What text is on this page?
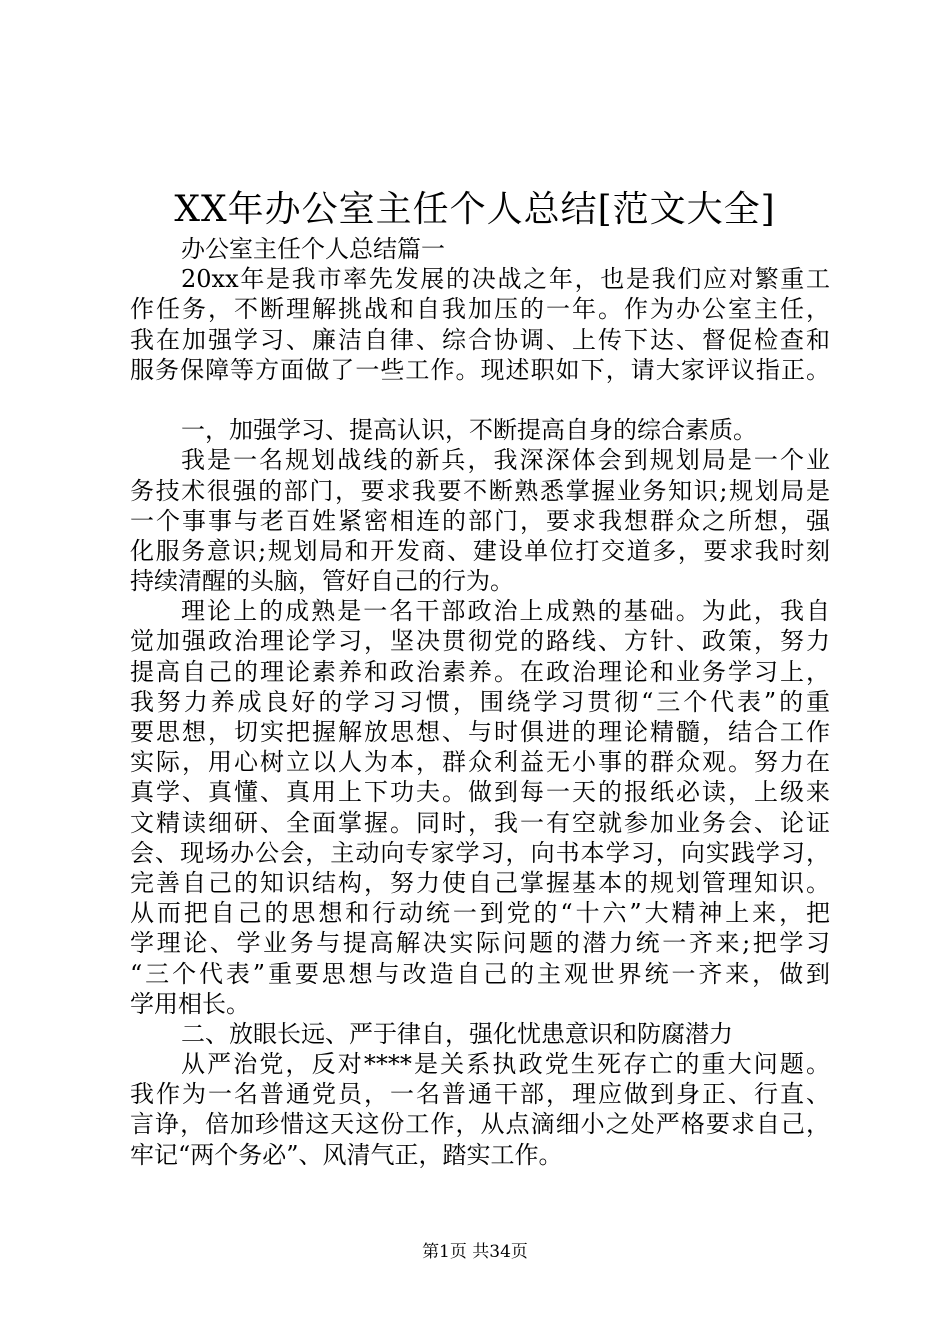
XX年办公室主任个人总结[范文大全]
办公室主任个人总结篇一
20xx年是我市率先发展的决战之年，也是我们应对繁重工
作任务，不断理解挑战和自我加压的一年。作为办公室主任，
我在加强学习、廉洁自律、综合协调、上传下达、督促检查和
服务保障等方面做了一些工作。现述职如下，请大家评议指正。
一，加强学习、提高认识，不断提高自身的综合素质。
我是一名规划战线的新兵，我深深体会到规划局是一个业
务技术很强的部门，要求我要不断熟悉掌握业务知识;规划局是
一个事事与老百姓紧密相连的部门，要求我想群众之所想，强
化服务意识;规划局和开发商、建设单位打交道多，要求我时刻
持续清醒的头脑，管好自己的行为。
理论上的成熟是一名干部政治上成熟的基础。为此，我自
觉加强政治理论学习，坚决贯彻党的路线、方针、政策，努力
提高自己的理论素养和政治素养。在政治理论和业务学习上，
我努力养成良好的学习习惯，围绕学习贯彻“三个代表”的重
要思想，切实把握解放思想、与时俱进的理论精髓，结合工作
实际，用心树立以人为本，群众利益无小事的群众观。努力在
真学、真懂、真用上下功夫。做到每一天的报纸必读，上级来
文精读细研、全面掌握。同时，我一有空就参加业务会、论证
会、现场办公会，主动向专家学习，向书本学习，向实践学习，
完善自己的知识结构，努力使自己掌握基本的规划管理知识。
从而把自己的思想和行动统一到党的“十六”大精神上来，把
学理论、学业务与提高解决实际问题的潜力统一齐来;把学习
“三个代表”重要思想与改造自己的主观世界统一齐来，做到
学用相长。
二、放眼长远、严于律自，强化忧患意识和防腐潜力
从严治党，反对****是关系执政党生死存亡的重大问题。
我作为一名普通党员，一名普通干部，理应做到身正、行直、
言诤，倍加珍惜这天这份工作，从点滴细小之处严格要求自己，
牢记“两个务必”、风清气正，踏实工作。
第1页 共34页
